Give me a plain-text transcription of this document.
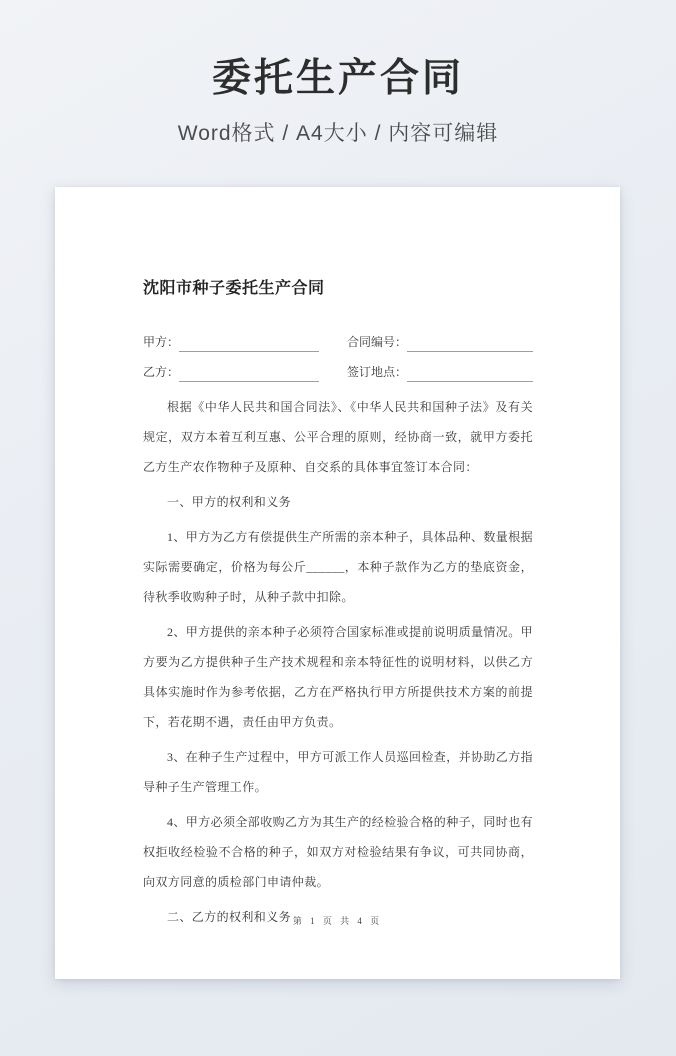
委托生产合同
Word格式 / A4大小 / 内容可编辑
沈阳市种子委托生产合同
甲方：	合同编号：
乙方：	签订地点：

根据《中华人民共和国合同法》、《中华人民共和国种子法》及有关规定，双方本着互利互惠、公平合理的原则，经协商一致，就甲方委托乙方生产农作物种子及原种、自交系的具体事宜签订本合同：

一、甲方的权利和义务

1、甲方为乙方有偿提供生产所需的亲本种子，具体品种、数量根据实际需要确定，价格为每公斤______，本种子款作为乙方的垫底资金，待秋季收购种子时，从种子款中扣除。

2、甲方提供的亲本种子必须符合国家标准或提前说明质量情况。甲方要为乙方提供种子生产技术规程和亲本特征性的说明材料，以供乙方具体实施时作为参考依据，乙方在严格执行甲方所提供技术方案的前提下，若花期不遇，责任由甲方负责。

3、在种子生产过程中，甲方可派工作人员巡回检查，并协助乙方指导种子生产管理工作。

4、甲方必须全部收购乙方为其生产的经检验合格的种子，同时也有权拒收经检验不合格的种子，如双方对检验结果有争议，可共同协商，向双方同意的质检部门申请仲裁。

二、乙方的权利和义务 第 1 页 共 4 页
